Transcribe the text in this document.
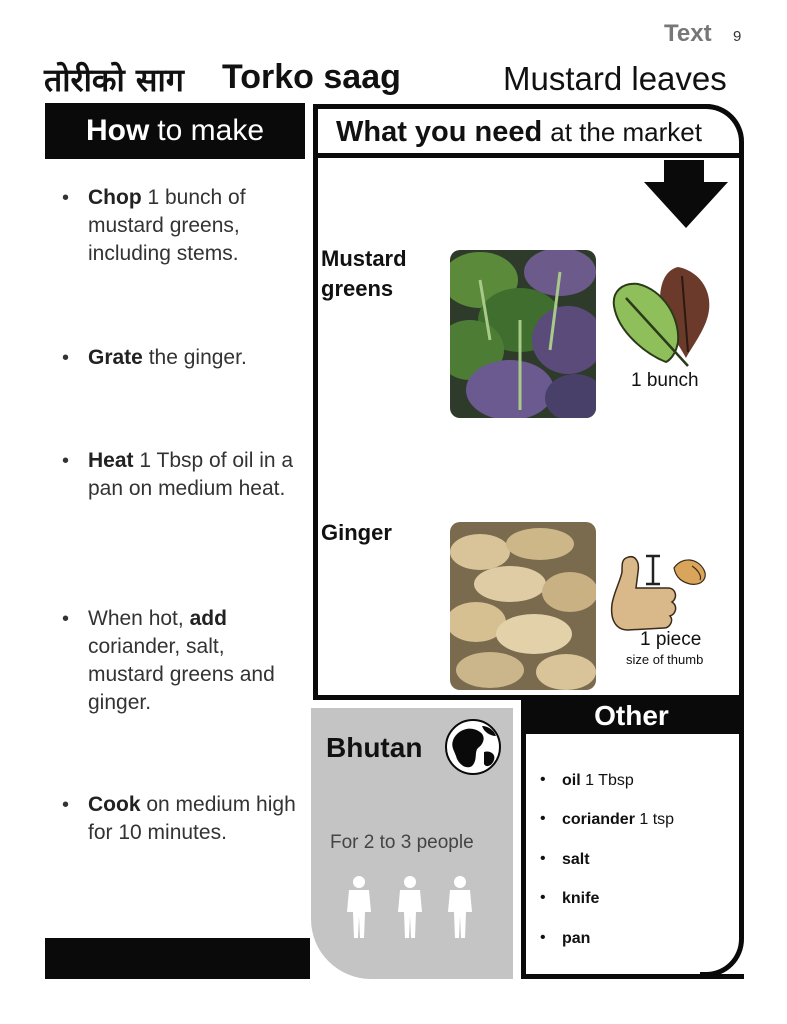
Text 9
तोरीको साग Torko saag	Mustard leaves
How to make
• Chop 1 bunch of mustard greens, including stems.
• Grate the ginger.
• Heat 1 Tbsp of oil in a pan on medium heat.
• When hot, add coriander, salt, mustard greens and ginger.
• Cook on medium high for 10 minutes.
What you need at the market
Mustard greens
1 bunch
Ginger
1 piece
size of thumb
Bhutan
For 2 to 3 people
Other
• oil 1 Tbsp
• coriander 1 tsp
• salt
• knife
• pan
